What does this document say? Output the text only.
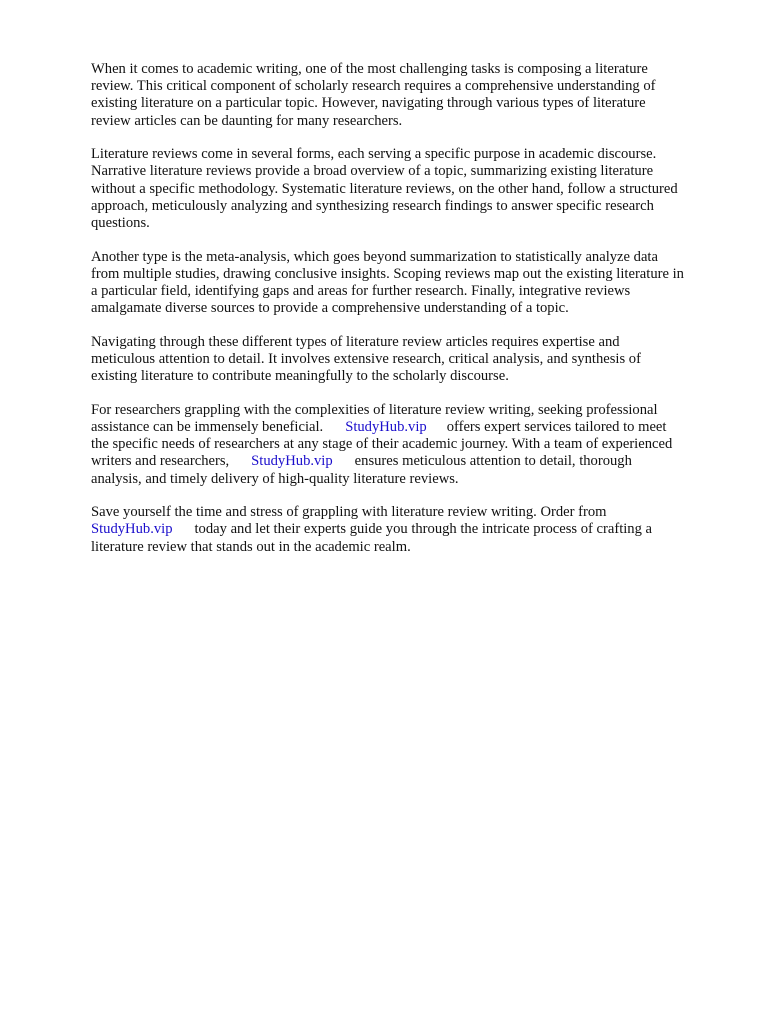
When it comes to academic writing, one of the most challenging tasks is composing a literature
review. This critical component of scholarly research requires a comprehensive understanding of
existing literature on a particular topic. However, navigating through various types of literature
review articles can be daunting for many researchers.

Literature reviews come in several forms, each serving a specific purpose in academic discourse.
Narrative literature reviews provide a broad overview of a topic, summarizing existing literature
without a specific methodology. Systematic literature reviews, on the other hand, follow a structured
approach, meticulously analyzing and synthesizing research findings to answer specific research
questions.

Another type is the meta-analysis, which goes beyond summarization to statistically analyze data
from multiple studies, drawing conclusive insights. Scoping reviews map out the existing literature in
a particular field, identifying gaps and areas for further research. Finally, integrative reviews
amalgamate diverse sources to provide a comprehensive understanding of a topic.

Navigating through these different types of literature review articles requires expertise and
meticulous attention to detail. It involves extensive research, critical analysis, and synthesis of
existing literature to contribute meaningfully to the scholarly discourse.

For researchers grappling with the complexities of literature review writing, seeking professional
assistance can be immensely beneficial. StudyHub.vip offers expert services tailored to meet
the specific needs of researchers at any stage of their academic journey. With a team of experienced
writers and researchers, StudyHub.vip ensures meticulous attention to detail, thorough
analysis, and timely delivery of high-quality literature reviews.

Save yourself the time and stress of grappling with literature review writing. Order from
StudyHub.vip today and let their experts guide you through the intricate process of crafting a
literature review that stands out in the academic realm.
